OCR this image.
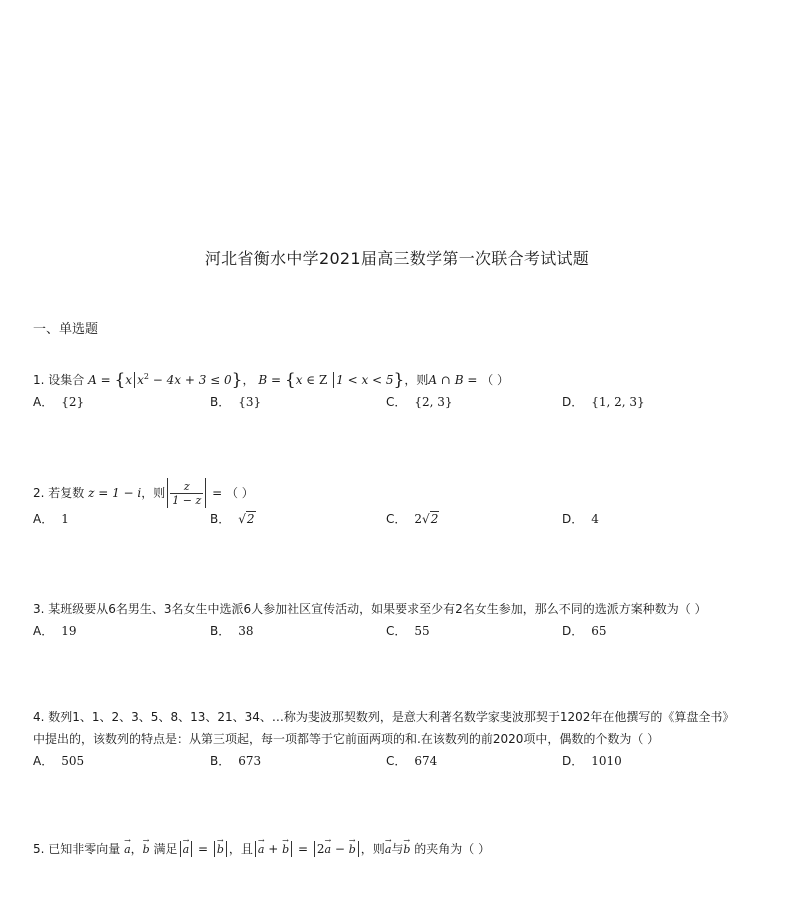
河北省衡水中学2021届高三数学第一次联合考试试题
一、单选题
1. 设集合 A = {x $x^2 - 4x + 3 \le 0$}， B = {x ∈ Z 1 < x < 5}，则A ∩ B = （ ）
A． {2}	B． {3}	C． {2, 3}	D． {1, 2, 3}
2. 若复数 z = 1 − i，则 $\frac{z}{1 - z}$ = （ ）
A． 1	B． √2	C． 2√2	D． 4
3. 某班级要从6名男生、3名女生中选派6人参加社区宣传活动，如果要求至少有2名女生参加，那么不同的选派方案种数为（ ）
A． 19	B． 38	C． 55	D． 65
4. 数列1、1、2、3、5、8、13、21、34、…称为斐波那契数列，是意大利著名数学家斐波那契于1202年在他撰写的《算盘全书》中提出的，该数列的特点是：从第三项起，每一项都等于它前面两项的和.在该数列的前2020项中，偶数的个数为（ ）
A． 505	B． 673	C． 674	D． 1010
5. 已知非零向量 → a，→ b 满足 → a = → b ，且 → a + → b = 2→ a − → b ，则→ a与→ b 的夹角为（ ）
